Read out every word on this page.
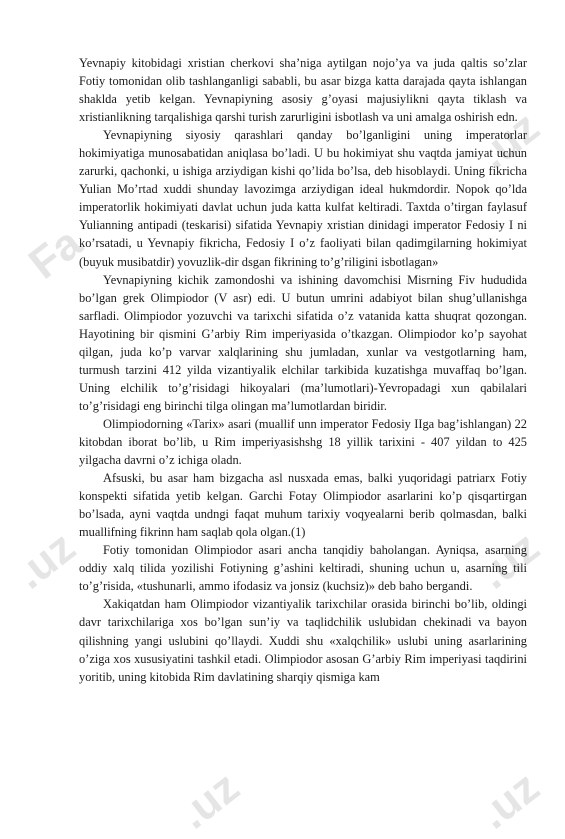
Fa
.uz
.uz	.uz
.uz	.uz

Yevnapiy kitobidagi xristian cherkovi sha’niga aytilgan nojo’ya va juda qaltis so’zlar Fotiy tomonidan olib tashlanganligi sababli, bu asar bizga katta darajada qayta ishlangan shaklda yetib kelgan. Yevnapiyning asosiy g’oyasi majusiylikni qayta tiklash va xristianlikning tarqalishiga qarshi turish zarurligini isbotlash va uni amalga oshirish edn.

Yevnapiyning siyosiy qarashlari qanday bo’lganligini uning imperatorlar hokimiyatiga munosabatidan aniqlasa bo’ladi. U bu hokimiyat shu vaqtda jamiyat uchun zarurki, qachonki, u ishiga arziydigan kishi qo’lida bo’lsa, deb hisoblaydi. Uning fikricha Yulian Mo’rtad xuddi shunday lavozimga arziydigan ideal hukmdordir. Nopok qo’lda imperatorlik hokimiyati davlat uchun juda katta kulfat keltiradi. Taxtda o’tirgan faylasuf Yulianning antipadi (teskarisi) sifatida Yevnapiy xristian dinidagi imperator Fedosiy I ni ko’rsatadi, u Yevnapiy fikricha, Fedosiy I o’z faoliyati bilan qadimgilarning hokimiyat (buyuk musibatdir) yovuzlik-dir dsgan fikrining to’g’riligini isbotlagan»

Yevnapiyning kichik zamondoshi va ishining davomchisi Misrning Fiv hududida bo’lgan grek Olimpiodor (V asr) edi. U butun umrini adabiyot bilan shug’ullanishga sarfladi. Olimpiodor yozuvchi va tarixchi sifatida o’z vatanida katta shuqrat qozongan. Hayotining bir qismini G’arbiy Rim imperiyasida o’tkazgan. Olimpiodor ko’p sayohat qilgan, juda ko’p varvar xalqlarining shu jumladan, xunlar va vestgotlarning ham, turmush tarzini 412 yilda vizantiyalik elchilar tarkibida kuzatishga muvaffaq bo’lgan. Uning elchilik to’g’risidagi hikoyalari (ma’lumotlari)-Yevropadagi xun qabilalari to’g’risidagi eng birinchi tilga olingan ma’lumotlardan biridir.

Olimpiodorning «Tarix» asari (muallif unn imperator Fedosiy IIga bag’ishlangan) 22 kitobdan iborat bo’lib, u Rim imperiyasishshg 18 yillik tarixini - 407 yildan to 425 yilgacha davrni o’z ichiga oladn.

Afsuski, bu asar ham bizgacha asl nusxada emas, balki yuqoridagi patriarx Fotiy konspekti sifatida yetib kelgan. Garchi Fotay Olimpiodor asarlarini ko’p qisqartirgan bo’lsada, ayni vaqtda undngi faqat muhum tarixiy voqyealarni berib qolmasdan, balki muallifning fikrinn ham saqlab qola olgan.(1)

Fotiy tomonidan Olimpiodor asari ancha tanqidiy baholangan. Ayniqsa, asarning oddiy xalq tilida yozilishi Fotiyning g’ashini keltiradi, shuning uchun u, asarning tili to’g’risida, «tushunarli, ammo ifodasiz va jonsiz (kuchsiz)» deb baho bergandi.

Xakiqatdan ham Olimpiodor vizantiyalik tarixchilar orasida birinchi bo’lib, oldingi davr tarixchilariga xos bo’lgan sun’iy va taqlidchilik uslubidan chekinadi va bayon qilishning yangi uslubini qo’llaydi. Xuddi shu «xalqchilik» uslubi uning asarlarining o’ziga xos xususiyatini tashkil etadi. Olimpiodor asosan G’arbiy Rim imperiyasi taqdirini yoritib, uning kitobida Rim davlatining sharqiy qismiga kam
